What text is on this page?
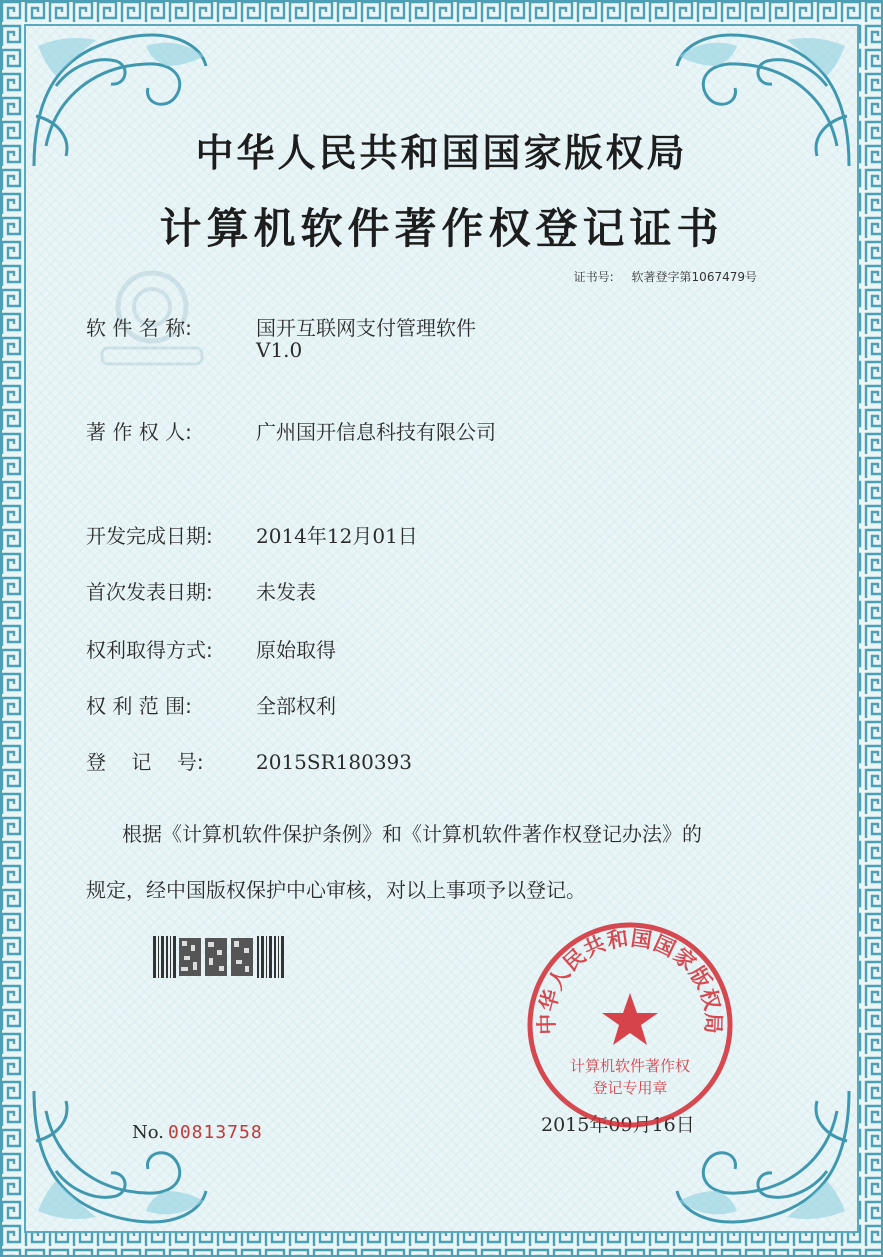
中华人民共和国国家版权局
计算机软件著作权登记证书
证书号: 软著登字第1067479号
软 件 名 称:	国开互联网支付管理软件
V1.0
著 作 权 人:	广州国开信息科技有限公司
开发完成日期: 2014年12月01日
首次发表日期: 未发表
权利取得方式: 原始取得
权 利 范 围:	全部权利
登    记    号:	2015SR180393
根据《计算机软件保护条例》和《计算机软件著作权登记办法》的
规定，经中国版权保护中心审核，对以上事项予以登记。
No. 00813758	2015年09月16日
中华人民共和国国家版权局
计算机软件著作权
登记专用章
